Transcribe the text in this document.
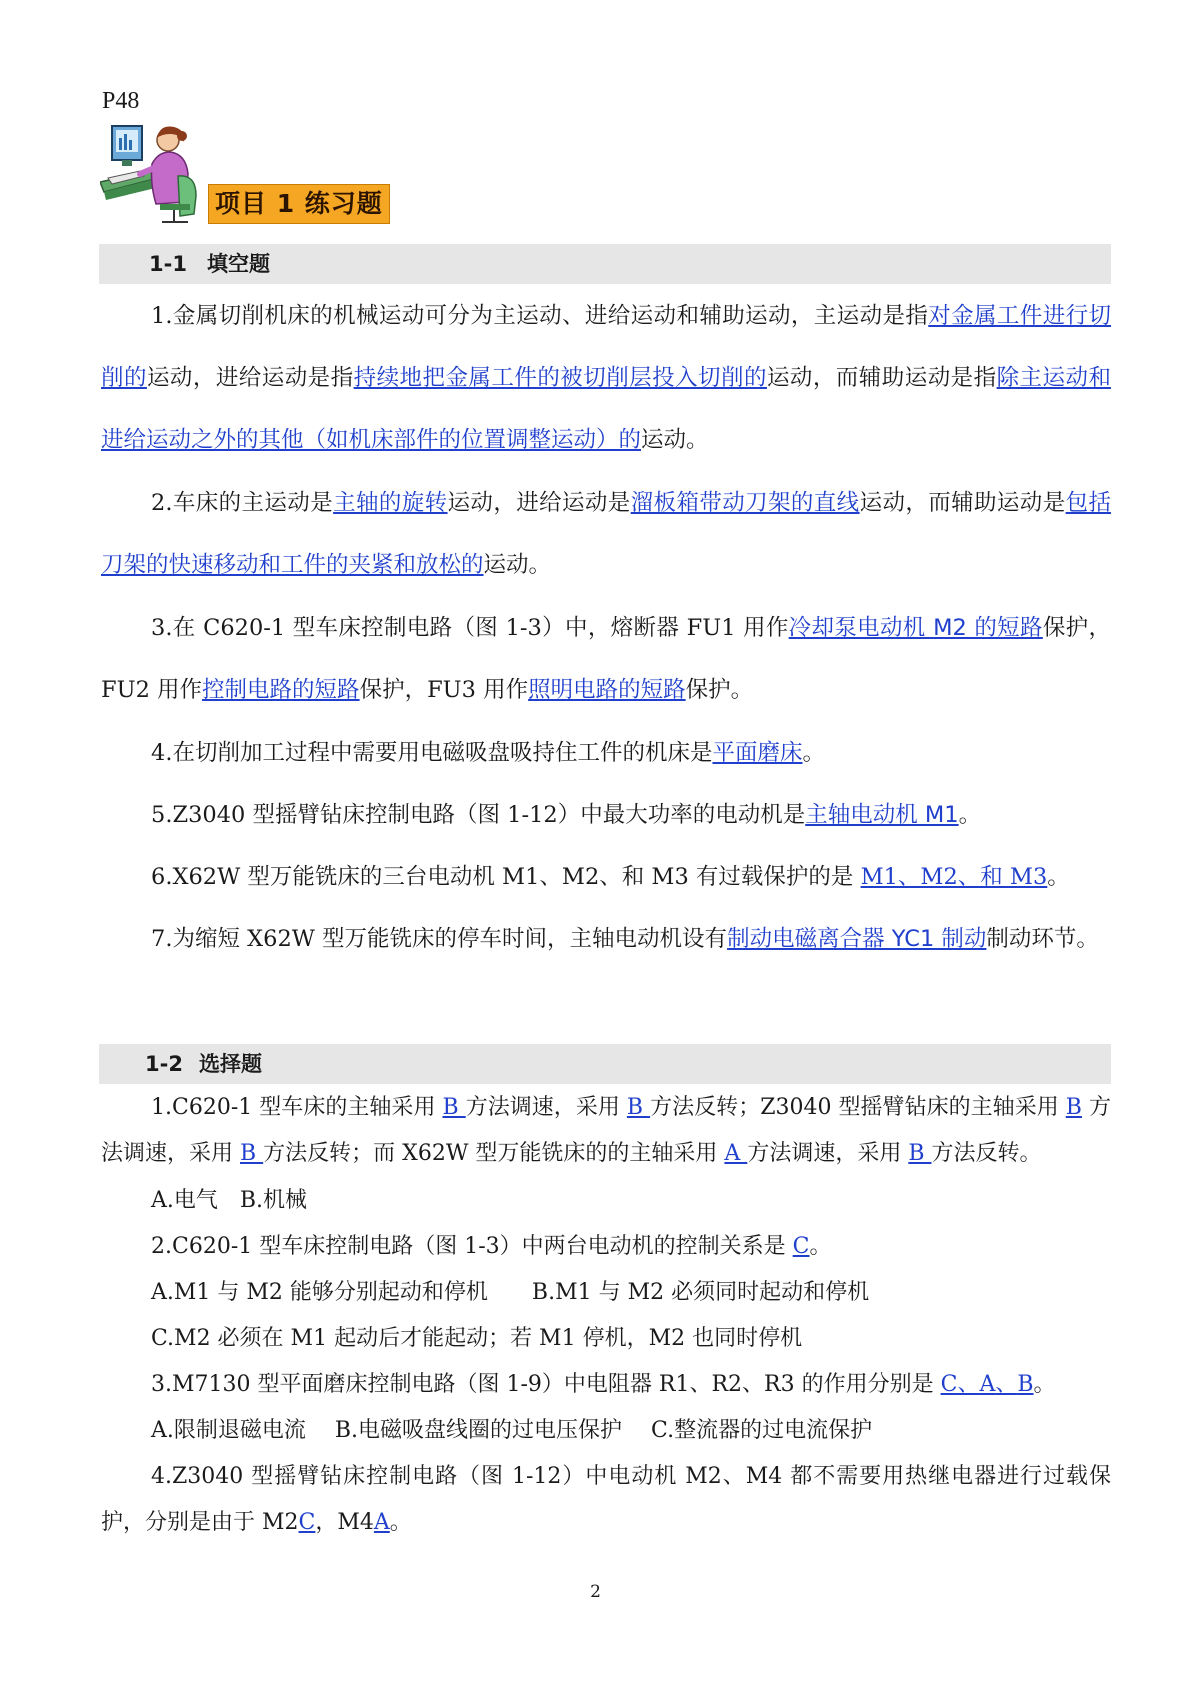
P48
项目 1 练习题
1-1 填空题

1.金属切削机床的机械运动可分为主运动、进给运动和辅助运动，主运动是指对金属工件进行切削的运动，进给运动是指持续地把金属工件的被切削层投入切削的运动，而辅助运动是指除主运动和进给运动之外的其他（如机床部件的位置调整运动）的运动。

2.车床的主运动是主轴的旋转运动，进给运动是溜板箱带动刀架的直线运动，而辅助运动是包括刀架的快速移动和工件的夹紧和放松的运动。

3.在 C620-1 型车床控制电路（图 1-3）中，熔断器 FU1 用作冷却泵电动机 M2 的短路保护，FU2 用作控制电路的短路保护，FU3 用作照明电路的短路保护。

4.在切削加工过程中需要用电磁吸盘吸持住工件的机床是平面磨床。

5.Z3040 型摇臂钻床控制电路（图 1-12）中最大功率的电动机是主轴电动机 M1。

6.X62W 型万能铣床的三台电动机 M1、M2、和 M3 有过载保护的是 M1、M2、和 M3。

7.为缩短 X62W 型万能铣床的停车时间，主轴电动机设有制动电磁离合器 YC1 制动制动环节。

1-2 选择题

1.C620-1 型车床的主轴采用 B 方法调速，采用 B 方法反转；Z3040 型摇臂钻床的主轴采用 B 方法调速，采用 B 方法反转；而 X62W 型万能铣床的的主轴采用 A 方法调速，采用 B 方法反转。

A.电气　B.机械

2.C620-1 型车床控制电路（图 1-3）中两台电动机的控制关系是 C。

A.M1 与 M2 能够分别起动和停机　　B.M1 与 M2 必须同时起动和停机

C.M2 必须在 M1 起动后才能起动；若 M1 停机，M2 也同时停机

3.M7130 型平面磨床控制电路（图 1-9）中电阻器 R1、R2、R3 的作用分别是 C、A、B。

A.限制退磁电流　 B.电磁吸盘线圈的过电压保护　 C.整流器的过电流保护

4.Z3040 型摇臂钻床控制电路（图 1-12）中电动机 M2、M4 都不需要用热继电器进行过载保护，分别是由于 M2C，M4A。

2
